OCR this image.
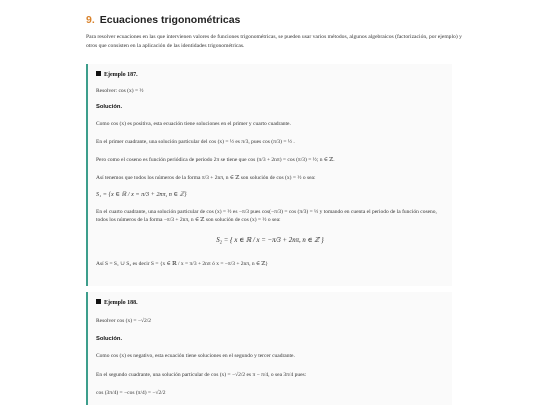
9. Ecuaciones trigonométricas
Para resolver ecuaciones en las que intervienen valores de funciones trigonométricas, se pueden usar varios métodos, algunos algebraicos (factorización, por ejemplo) y otros que consisten en la aplicación de las identidades trigonométricas.
Ejemplo 187.
Resolver: cos (x) = ½
Solución.
Como cos (x) es positiva, esta ecuación tiene soluciones en el primer y cuarto cuadrante.
En el primer cuadrante, una solución particular del cos (x) = ½ es π/3, pues cos (π/3) = ½ .
Pero como el coseno es función periódica de periodo 2π se tiene que cos (π/3 + 2nπ) = cos (π/3) = ½; n ∈ ℤ.
Así tenemos que todos los números de la forma π/3 + 2nπ, n ∈ ℤ son solución de cos (x) = ½ o sea:
S₁ = {x ∈ ℝ / x = π/3 + 2nπ, n ∈ ℤ}
En el cuarto cuadrante, una solución particular de cos (x) = ½ es −π/3 pues cos(−π/3) = cos (π/3) = ½ y tomando en cuenta el periodo de la función coseno, todos los números de la forma −π/3 + 2nπ, n ∈ ℤ son solución de cos (x) = ½ o sea:
S₂ = { x ∈ ℝ / x = −π/3 + 2nπ, n ∈ ℤ }
Así S = S₁ ∪ S₂ es decir S = {x ∈ ℝ / x = π/3 + 2nπ ó x = −π/3 + 2nπ, n ∈ ℤ}
Ejemplo 188.
Resolver cos (x) = −√2/2
Solución.
Como cos (x) es negativo, esta ecuación tiene soluciones en el segundo y tercer cuadrante.
En el segundo cuadrante, una solución particular de cos (x) = −√2/2 es π − π/4, o sea 3π/4 pues:
cos (3π/4) = −cos (π/4) = −√2/2
